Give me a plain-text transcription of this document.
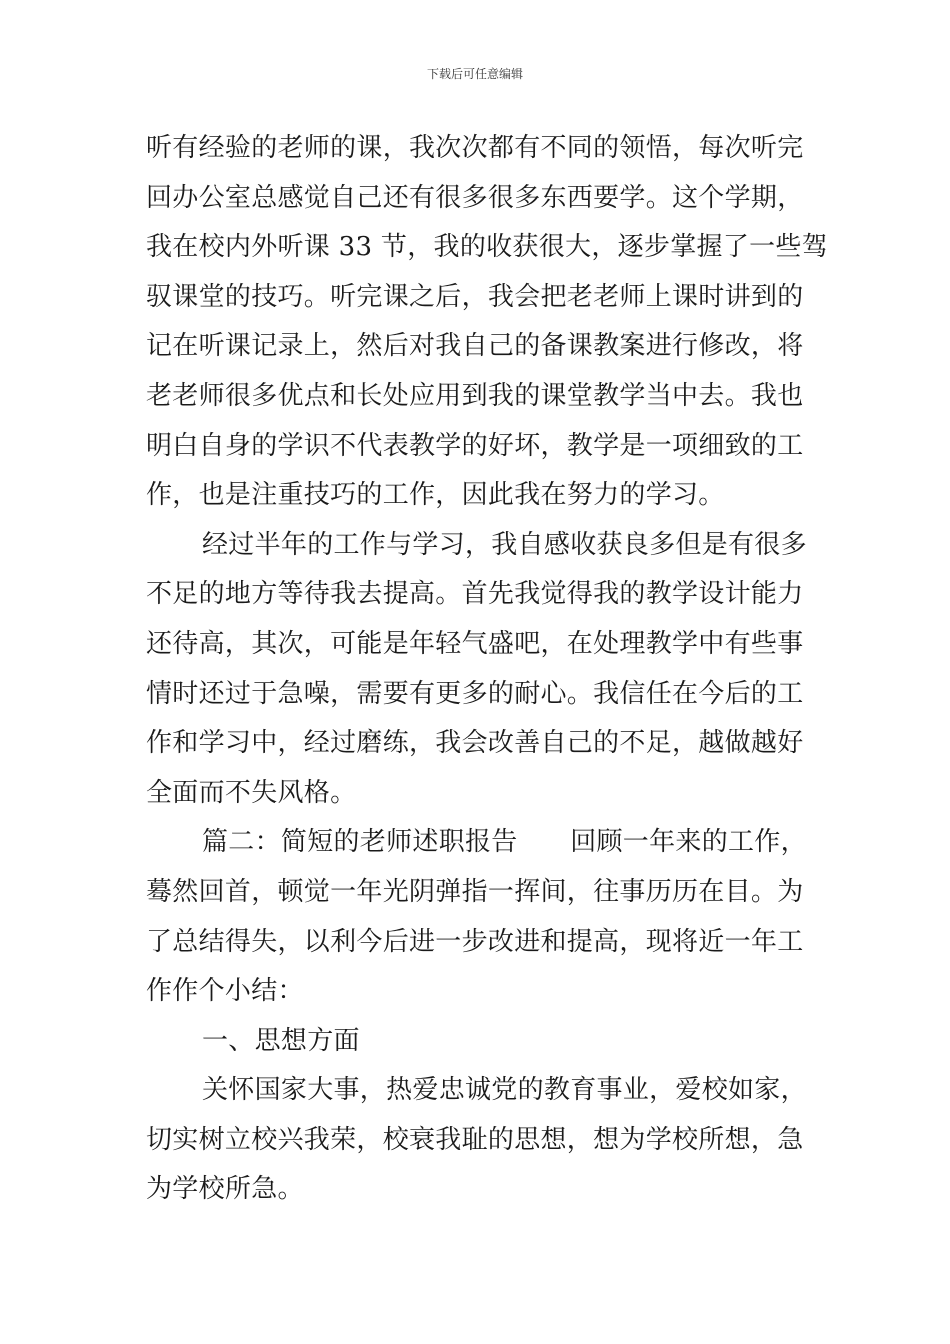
下载后可任意编辑
听有经验的老师的课，我次次都有不同的领悟，每次听完
回办公室总感觉自己还有很多很多东西要学。这个学期，
我在校内外听课 33 节，我的收获很大，逐步掌握了一些驾
驭课堂的技巧。听完课之后，我会把老老师上课时讲到的
记在听课记录上，然后对我自己的备课教案进行修改，将
老老师很多优点和长处应用到我的课堂教学当中去。我也
明白自身的学识不代表教学的好坏，教学是一项细致的工
作，也是注重技巧的工作，因此我在努力的学习。
经过半年的工作与学习，我自感收获良多但是有很多
不足的地方等待我去提高。首先我觉得我的教学设计能力
还待高，其次，可能是年轻气盛吧，在处理教学中有些事
情时还过于急噪，需要有更多的耐心。我信任在今后的工
作和学习中，经过磨练，我会改善自己的不足，越做越好
全面而不失风格。
篇二：简短的老师述职报告　　回顾一年来的工作，
蓦然回首，顿觉一年光阴弹指一挥间，往事历历在目。为
了总结得失，以利今后进一步改进和提高，现将近一年工
作作个小结：
一、思想方面
关怀国家大事，热爱忠诚党的教育事业，爱校如家，
切实树立校兴我荣，校衰我耻的思想，想为学校所想，急
为学校所急。
